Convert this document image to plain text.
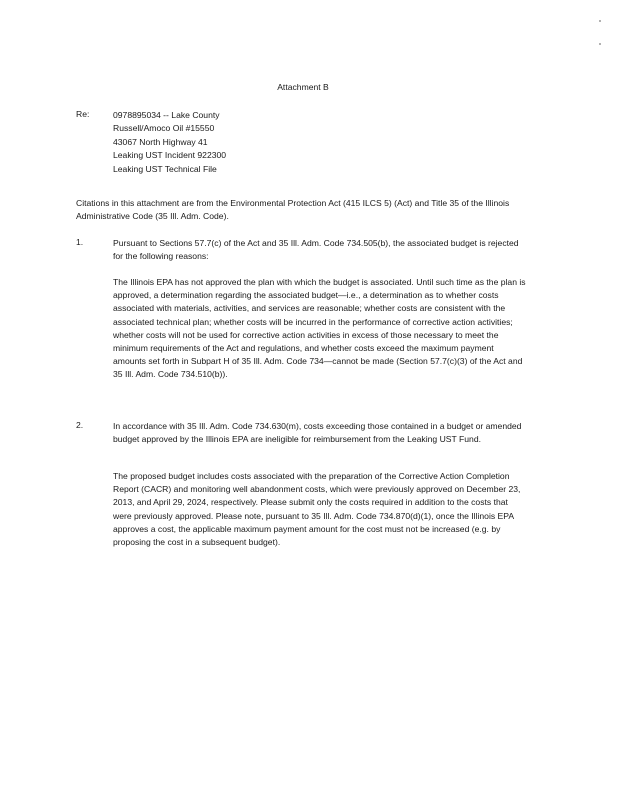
Attachment B
Re:	0978895034 -- Lake County
Russell/Amoco Oil #15550
43067 North Highway 41
Leaking UST Incident 922300
Leaking UST Technical File
Citations in this attachment are from the Environmental Protection Act (415 ILCS 5) (Act) and Title 35 of the Illinois Administrative Code (35 Ill. Adm. Code).
1.	Pursuant to Sections 57.7(c) of the Act and 35 Ill. Adm. Code 734.505(b), the associated budget is rejected for the following reasons:
The Illinois EPA has not approved the plan with which the budget is associated. Until such time as the plan is approved, a determination regarding the associated budget—i.e., a determination as to whether costs associated with materials, activities, and services are reasonable; whether costs are consistent with the associated technical plan; whether costs will be incurred in the performance of corrective action activities; whether costs will not be used for corrective action activities in excess of those necessary to meet the minimum requirements of the Act and regulations, and whether costs exceed the maximum payment amounts set forth in Subpart H of 35 Ill. Adm. Code 734—cannot be made (Section 57.7(c)(3) of the Act and 35 Ill. Adm. Code 734.510(b)).
2.	In accordance with 35 Ill. Adm. Code 734.630(m), costs exceeding those contained in a budget or amended budget approved by the Illinois EPA are ineligible for reimbursement from the Leaking UST Fund.
The proposed budget includes costs associated with the preparation of the Corrective Action Completion Report (CACR) and monitoring well abandonment costs, which were previously approved on December 23, 2013, and April 29, 2024, respectively. Please submit only the costs required in addition to the costs that were previously approved. Please note, pursuant to 35 Ill. Adm. Code 734.870(d)(1), once the Illinois EPA approves a cost, the applicable maximum payment amount for the cost must not be increased (e.g. by proposing the cost in a subsequent budget).
